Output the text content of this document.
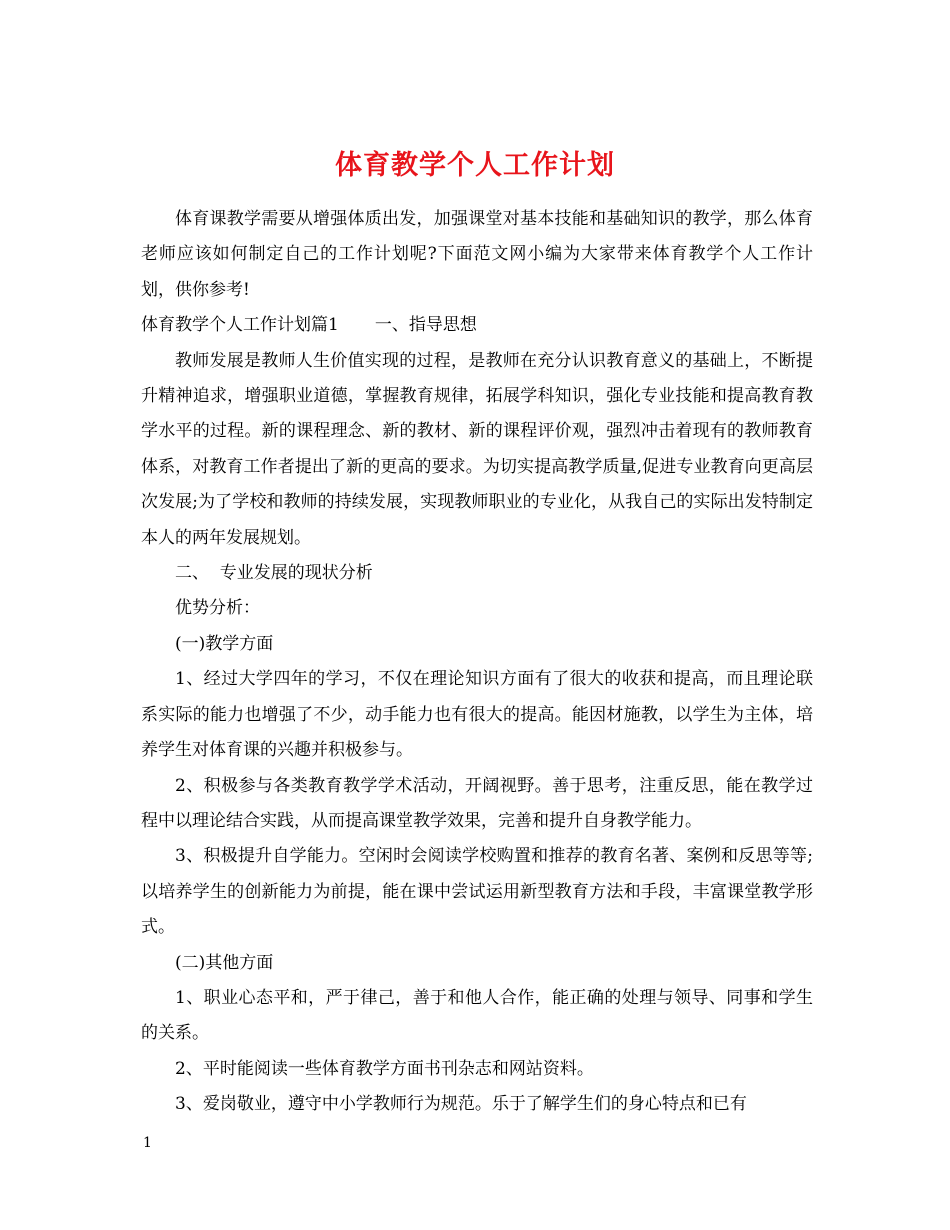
体育教学个人工作计划

体育课教学需要从增强体质出发，加强课堂对基本技能和基础知识的教学，那么体育老师应该如何制定自己的工作计划呢?下面范文网小编为大家带来体育教学个人工作计划，供你参考!

体育教学个人工作计划篇1 一、指导思想

教师发展是教师人生价值实现的过程，是教师在充分认识教育意义的基础上，不断提升精神追求，增强职业道德，掌握教育规律，拓展学科知识，强化专业技能和提高教育教学水平的过程。新的课程理念、新的教材、新的课程评价观，强烈冲击着现有的教师教育体系，对教育工作者提出了新的更高的要求。为切实提高教学质量,促进专业教育向更高层次发展;为了学校和教师的持续发展，实现教师职业的专业化，从我自己的实际出发特制定本人的两年发展规划。

二、  专业发展的现状分析

优势分析：

(一)教学方面

1、经过大学四年的学习，不仅在理论知识方面有了很大的收获和提高，而且理论联系实际的能力也增强了不少，动手能力也有很大的提高。能因材施教，以学生为主体，培养学生对体育课的兴趣并积极参与。

2、积极参与各类教育教学学术活动，开阔视野。善于思考，注重反思，能在教学过程中以理论结合实践，从而提高课堂教学效果，完善和提升自身教学能力。

3、积极提升自学能力。空闲时会阅读学校购置和推荐的教育名著、案例和反思等等;以培养学生的创新能力为前提，能在课中尝试运用新型教育方法和手段，丰富课堂教学形式。

(二)其他方面

1、职业心态平和，严于律己，善于和他人合作，能正确的处理与领导、同事和学生的关系。

2、平时能阅读一些体育教学方面书刊杂志和网站资料。

3、爱岗敬业，遵守中小学教师行为规范。乐于了解学生们的身心特点和已有

1
